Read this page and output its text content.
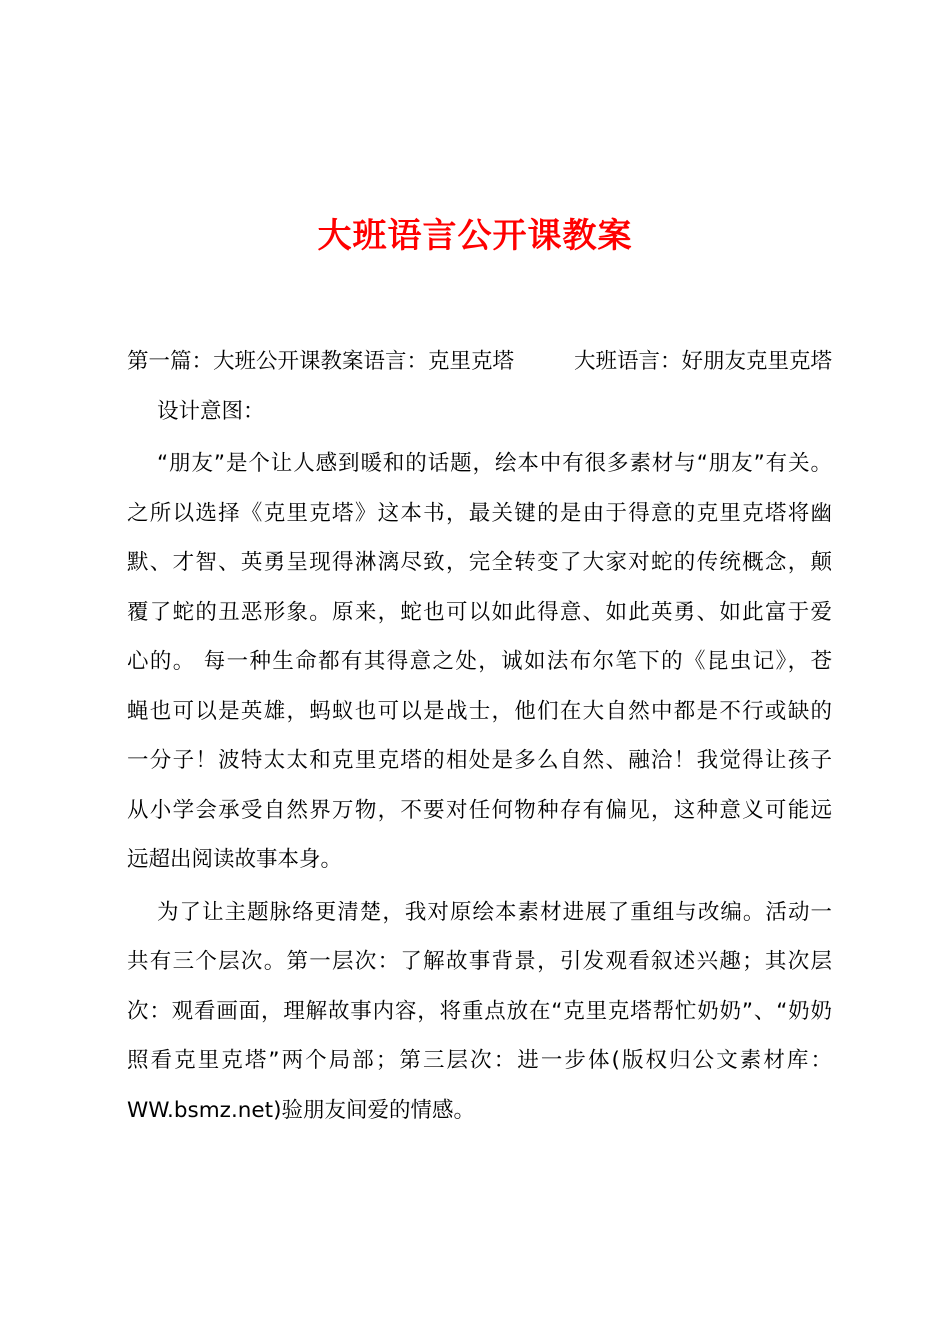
大班语言公开课教案
第一篇：大班公开课教案语言：克里克塔	大班语言：好朋友克里克塔
设计意图：
“朋友”是个让人感到暖和的话题，绘本中有很多素材与“朋友”有关。
之所以选择《克里克塔》这本书，最关键的是由于得意的克里克塔将幽
默、才智、英勇呈现得淋漓尽致，完全转变了大家对蛇的传统概念，颠
覆了蛇的丑恶形象。原来，蛇也可以如此得意、如此英勇、如此富于爱
心的。 每一种生命都有其得意之处，诚如法布尔笔下的《昆虫记》，苍
蝇也可以是英雄，蚂蚁也可以是战士，他们在大自然中都是不行或缺的
一分子！波特太太和克里克塔的相处是多么自然、融洽！我觉得让孩子
从小学会承受自然界万物，不要对任何物种存有偏见，这种意义可能远
远超出阅读故事本身。
为了让主题脉络更清楚，我对原绘本素材进展了重组与改编。活动一
共有三个层次。第一层次：了解故事背景，引发观看叙述兴趣；其次层
次：观看画面，理解故事内容，将重点放在“克里克塔帮忙奶奶”、“奶奶
照看克里克塔”两个局部；第三层次：进一步体(版权归公文素材库：
WW.bsmz.net)验朋友间爱的情感。
